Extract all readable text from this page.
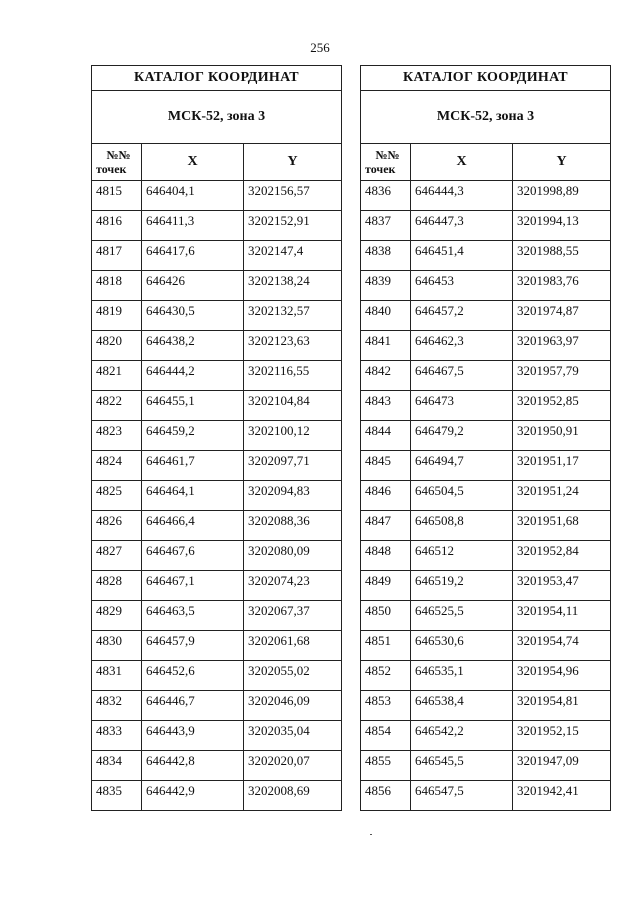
256
КАТАЛОГ КООРДИНАТ		
МСК-52, зона 3		

№№
точек	X	Y
4815	646404,1	3202156,57
4816	646411,3	3202152,91
4817	646417,6	3202147,4
4818	646426	3202138,24
4819	646430,5	3202132,57
4820	646438,2	3202123,63
4821	646444,2	3202116,55
4822	646455,1	3202104,84
4823	646459,2	3202100,12
4824	646461,7	3202097,71
4825	646464,1	3202094,83
4826	646466,4	3202088,36
4827	646467,6	3202080,09
4828	646467,1	3202074,23
4829	646463,5	3202067,37
4830	646457,9	3202061,68
4831	646452,6	3202055,02
4832	646446,7	3202046,09
4833	646443,9	3202035,04
4834	646442,8	3202020,07
4835	646442,9	3202008,69
КАТАЛОГ КООРДИНАТ		
МСК-52, зона 3		

№№
точек	X	Y
4836	646444,3	3201998,89
4837	646447,3	3201994,13
4838	646451,4	3201988,55
4839	646453	3201983,76
4840	646457,2	3201974,87
4841	646462,3	3201963,97
4842	646467,5	3201957,79
4843	646473	3201952,85
4844	646479,2	3201950,91
4845	646494,7	3201951,17
4846	646504,5	3201951,24
4847	646508,8	3201951,68
4848	646512	3201952,84
4849	646519,2	3201953,47
4850	646525,5	3201954,11
4851	646530,6	3201954,74
4852	646535,1	3201954,96
4853	646538,4	3201954,81
4854	646542,2	3201952,15
4855	646545,5	3201947,09
4856	646547,5	3201942,41
